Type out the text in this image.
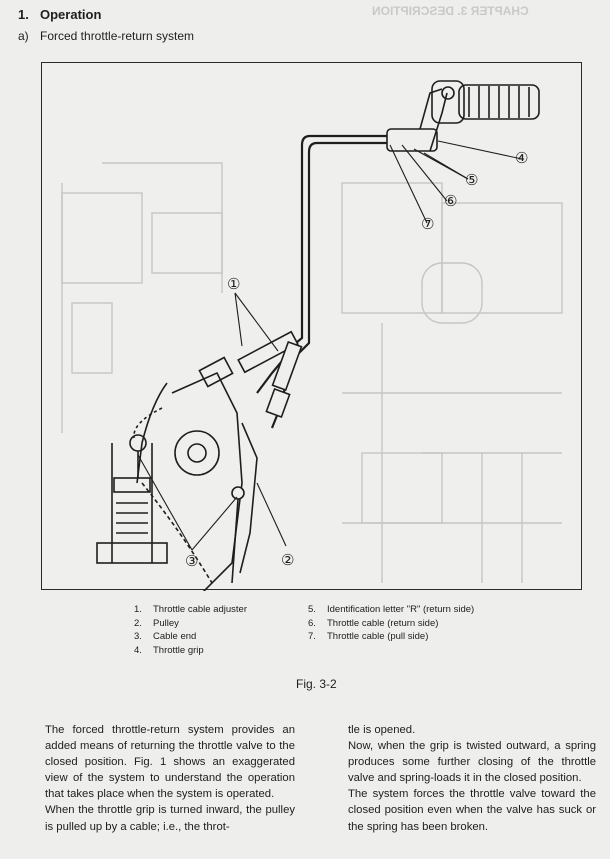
CHAPTER 3. DESCRIPTION
1. Operation
a) Forced throttle-return system
①
②
③
④
⑤
⑥
⑦
1.	Throttle cable adjuster
2.	Pulley
3.	Cable end
4.	Throttle grip
5.	Identification letter "R" (return side)
6.	Throttle cable (return side)
7.	Throttle cable (pull side)
Fig. 3-2

The forced throttle-return system provides an added means of returning the throttle valve to the closed position. Fig. 1 shows an exaggerated view of the system to understand the operation that takes place when the system is operated.

When the throttle grip is turned inward, the pulley is pulled up by a cable; i.e., the throt-

tle is opened.

Now, when the grip is twisted outward, a spring produces some further closing of the throttle valve and spring-loads it in the closed position.

The system forces the throttle valve toward the closed position even when the valve has suck or the spring has been broken.
